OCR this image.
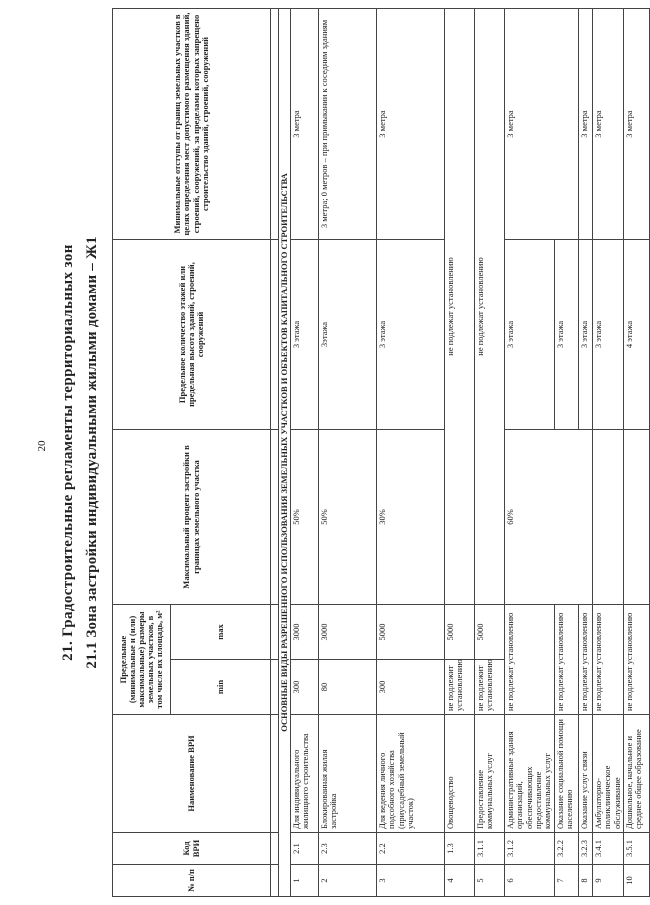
20 21. Градостроительные регламенты территориальных зон 21.1 Зона застройки индивидуальными жилыми домами – Ж1
№ п/п	Код ВРИ	Наименование ВРИ	Предельные (минимальные и (или) максимальные) размеры земельных участков, в том числе их площадь, м²		Максимальный процент застройки в границах земельного участка	Предельное количество этажей или предельная высота зданий, строений, сооружений	Минимальные отступы от границ земельных участков в целях определения мест допустимого размещения зданий, строений, сооружений, за пределами которых запрещено строительство зданий, строений, сооружений
			min	max			

ОСНОВНЫЕ ВИДЫ РАЗРЕШЕННОГО ИСПОЛЬЗОВАНИЯ ЗЕМЕЛЬНЫХ УЧАСТКОВ И ОБЪЕКТОВ КАПИТАЛЬНОГО СТРОИТЕЛЬСТВА							
1	2.1	Для индивидуального жилищного строительства	300	3000	50%	3 этажа	3 метра
2	2.3	Блокированная жилая застройка	80	3000	50%	3этажа	3 метра; 0 метров – при примыкании к соседним зданиям
3	2.2	Для ведения личного подсобного хозяйства (приусадебный земельный участок)	300	5000	30%	3 этажа	3 метра
4	1.3	Овощеводство	не подлежит установлению	5000	не подлежат установлению		
5	3.1.1	Предоставление коммунальных услуг	не подлежит установлению	5000	не подлежат установлению		
6	3.1.2	Административные здания организаций, обеспечивающих предоставление коммунальных услуг	не подлежат установлению		60%	3 этажа	3 метра
7	3.2.2	Оказание социальной помощи населению	не подлежат установлению			3 этажа	
8	3.2.3	Оказание услуг связи	не подлежат установлению			3 этажа	3 метра
9	3.4.1	Амбулаторно-поликлиническое обслуживание	не подлежат установлению			3 этажа	3 метра
10	3.5.1	Дошкольное, начальное и среднее общее образование	не подлежат установлению			4 этажа	3 метра
